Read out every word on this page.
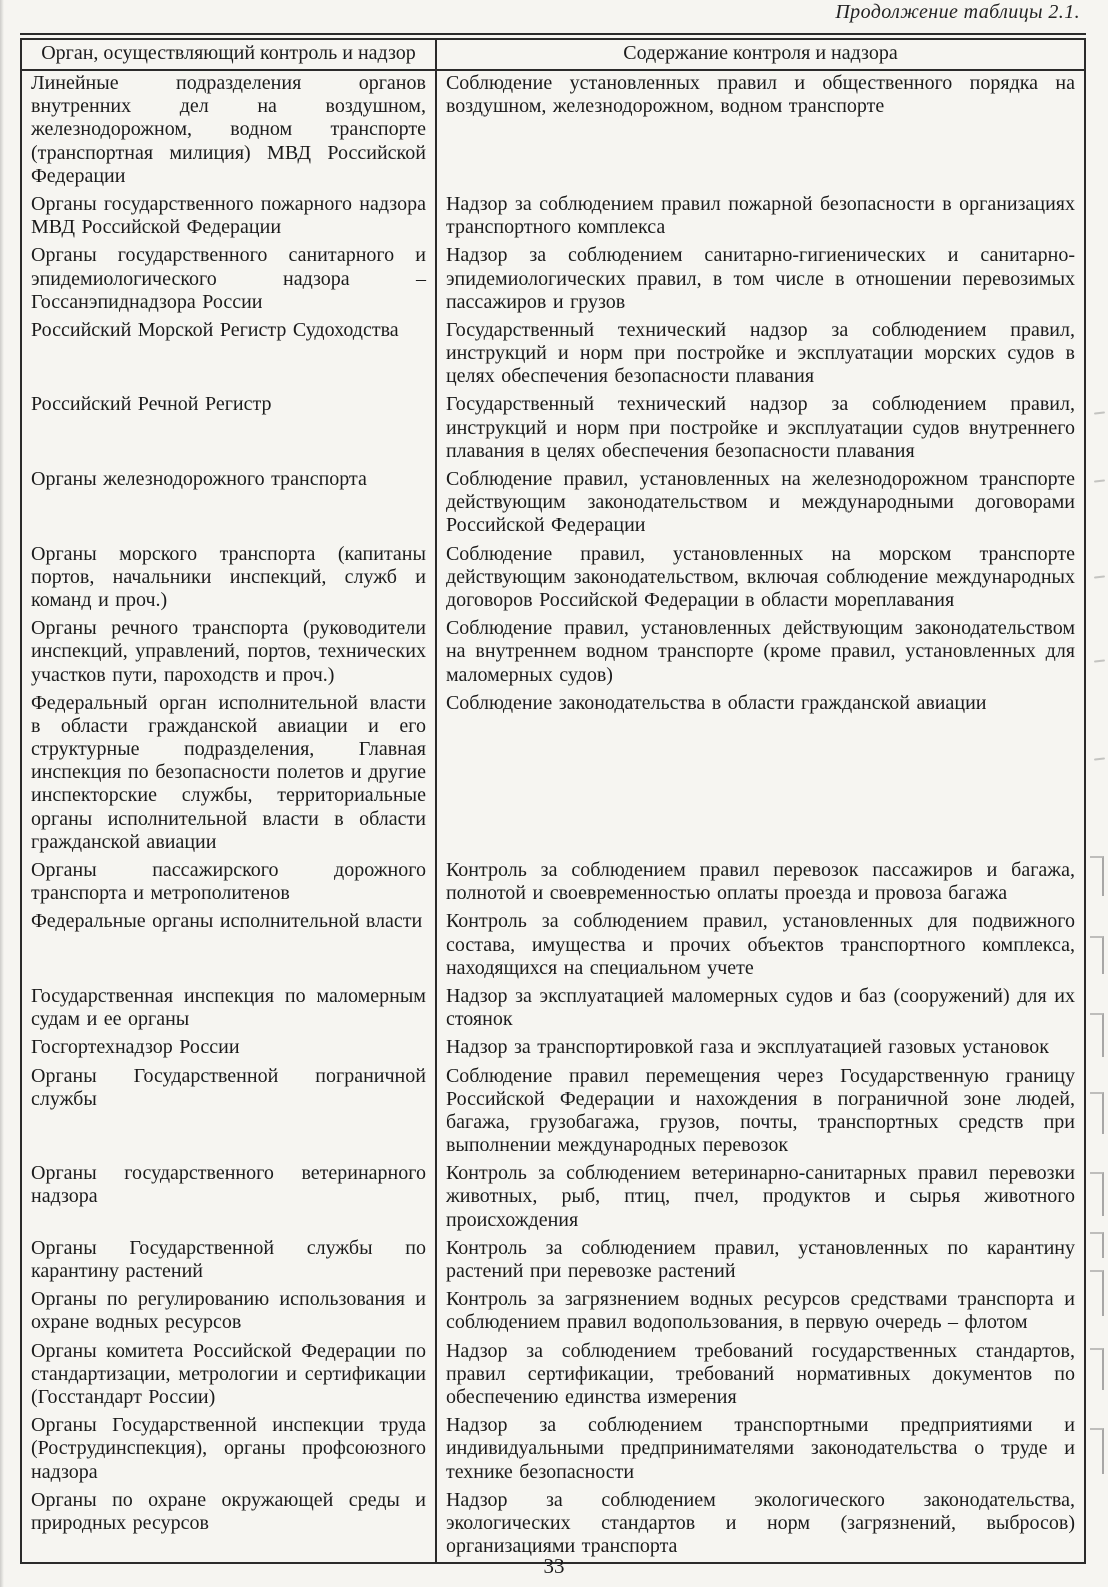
Продолжение таблицы 2.1.
Орган, осуществляющий контроль и надзор	Содержание контроля и надзора
Линейные подразделения органов внутренних дел на воздушном, железнодорожном, водном транспорте (транспортная милиция) МВД Российской Федерации	Соблюдение установленных правил и общественного порядка на воздушном, железнодорожном, водном транспорте
Органы государственного пожарного надзора МВД Российской Федерации	Надзор за соблюдением правил пожарной безопасности в организациях транспортного комплекса
Органы государственного санитарного и эпидемиологического надзора – Госсанэпиднадзора России	Надзор за соблюдением санитарно-гигиенических и санитарно-эпидемиологических правил, в том числе в отношении перевозимых пассажиров и грузов
Российский Морской Регистр Судоходства	Государственный технический надзор за соблюдением правил, инструкций и норм при постройке и эксплуатации морских судов в целях обеспечения безопасности плавания
Российский Речной Регистр	Государственный технический надзор за соблюдением правил, инструкций и норм при постройке и эксплуатации судов внутреннего плавания в целях обеспечения безопасности плавания
Органы железнодорожного транспорта	Соблюдение правил, установленных на железнодорожном транспорте действующим законодательством и международными договорами Российской Федерации
Органы морского транспорта (капитаны портов, начальники инспекций, служб и команд и проч.)	Соблюдение правил, установленных на морском транспорте действующим законодательством, включая соблюдение международных договоров Российской Федерации в области мореплавания
Органы речного транспорта (руководители инспекций, управлений, портов, технических участков пути, пароходств и проч.)	Соблюдение правил, установленных действующим законодательством на внутреннем водном транспорте (кроме правил, установленных для маломерных судов)
Федеральный орган исполнительной власти в области гражданской авиации и его структурные подразделения, Главная инспекция по безопасности полетов и другие инспекторские службы, территориальные органы исполнительной власти в области гражданской авиации	Соблюдение законодательства в области гражданской авиации
Органы пассажирского дорожного транспорта и метрополитенов	Контроль за соблюдением правил перевозок пассажиров и багажа, полнотой и своевременностью оплаты проезда и провоза багажа
Федеральные органы исполнительной власти	Контроль за соблюдением правил, установленных для подвижного состава, имущества и прочих объектов транспортного комплекса, находящихся на специальном учете
Государственная инспекция по маломерным судам и ее органы	Надзор за эксплуатацией маломерных судов и баз (сооружений) для их стоянок
Госгортехнадзор России	Надзор за транспортировкой газа и эксплуатацией газовых установок
Органы Государственной пограничной службы	Соблюдение правил перемещения через Государственную границу Российской Федерации и нахождения в пограничной зоне людей, багажа, грузобагажа, грузов, почты, транспортных средств при выполнении международных перевозок
Органы государственного ветеринарного надзора	Контроль за соблюдением ветеринарно-санитарных правил перевозки животных, рыб, птиц, пчел, продуктов и сырья животного происхождения
Органы Государственной службы по карантину растений	Контроль за соблюдением правил, установленных по карантину растений при перевозке растений
Органы по регулированию использования и охране водных ресурсов	Контроль за загрязнением водных ресурсов средствами транспорта и соблюдением правил водопользования, в первую очередь – флотом
Органы комитета Российской Федерации по стандартизации, метрологии и сертификации (Госстандарт России)	Надзор за соблюдением требований государственных стандартов, правил сертификации, требований нормативных документов по обеспечению единства измерения
Органы Государственной инспекции труда (Рострудинспекция), органы профсоюзного надзора	Надзор за соблюдением транспортными предприятиями и индивидуальными предпринимателями законодательства о труде и технике безопасности
Органы по охране окружающей среды и природных ресурсов	Надзор за соблюдением экологического законодательства, экологических стандартов и норм (загрязнений, выбросов) организациями транспорта
33
